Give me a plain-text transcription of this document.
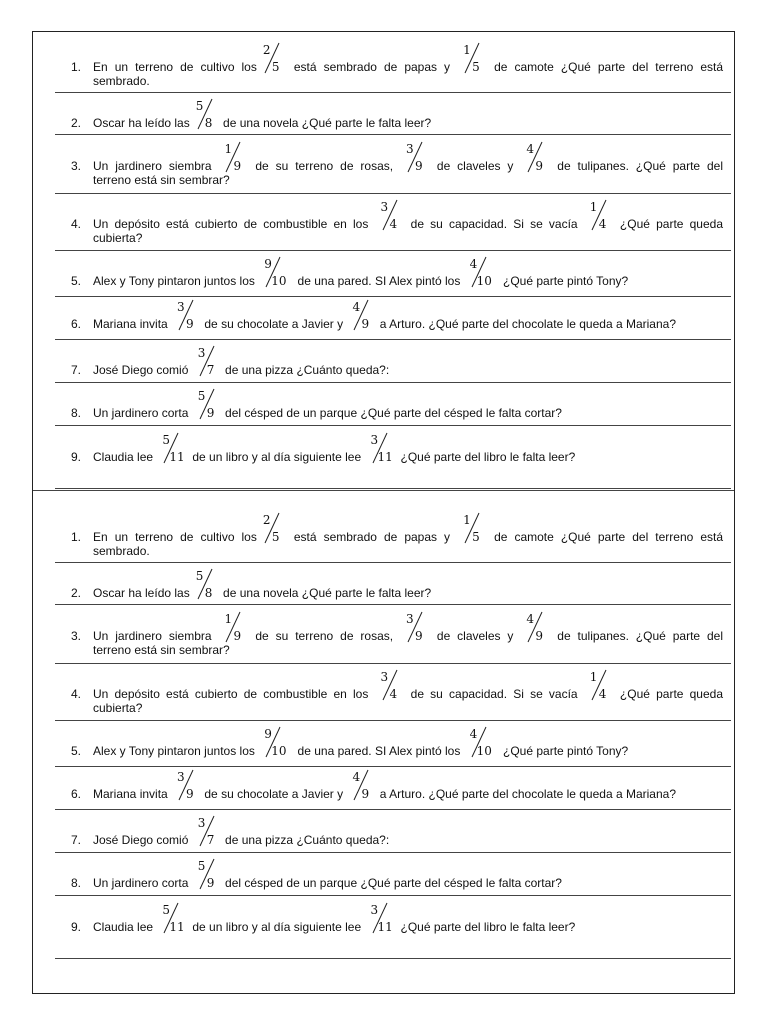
1. En un terreno de cultivo los
2
5 está sembrado de papas y
1
5 de camote ¿Qué parte del terreno está
sembrado.
2. Oscar ha leído las
5
8 de una novela ¿Qué parte le falta leer?
3. Un jardinero siembra
1
9 de su terreno de rosas,
3
9 de claveles y
4
9 de tulipanes. ¿Qué parte del
terreno está sin sembrar?
4. Un depósito está cubierto de combustible en los
3
4 de su capacidad. Si se vacía
1
4 ¿Qué parte queda
cubierta?
5. Alex y Tony pintaron juntos los
9
10 de una pared. SI Alex pintó los
4
10 ¿Qué parte pintó Tony?
6. Mariana invita
3
9 de su chocolate a Javier y
4
9 a Arturo. ¿Qué parte del chocolate le queda a Mariana?
7. José Diego comió
3
7 de una pizza ¿Cuánto queda?:
8. Un jardinero corta
5
9 del césped de un parque ¿Qué parte del césped le falta cortar?
9. Claudia lee
5
11 de un libro y al día siguiente lee
3
11 ¿Qué parte del libro le falta leer?
1. En un terreno de cultivo los
2
5 está sembrado de papas y
1
5 de camote ¿Qué parte del terreno está
sembrado.
2. Oscar ha leído las
5
8 de una novela ¿Qué parte le falta leer?
3. Un jardinero siembra
1
9 de su terreno de rosas,
3
9 de claveles y
4
9 de tulipanes. ¿Qué parte del
terreno está sin sembrar?
4. Un depósito está cubierto de combustible en los
3
4 de su capacidad. Si se vacía
1
4 ¿Qué parte queda
cubierta?
5. Alex y Tony pintaron juntos los
9
10 de una pared. SI Alex pintó los
4
10 ¿Qué parte pintó Tony?
6. Mariana invita
3
9 de su chocolate a Javier y
4
9 a Arturo. ¿Qué parte del chocolate le queda a Mariana?
7. José Diego comió
3
7 de una pizza ¿Cuánto queda?:
8. Un jardinero corta
5
9 del césped de un parque ¿Qué parte del césped le falta cortar?
9. Claudia lee
5
11 de un libro y al día siguiente lee
3
11 ¿Qué parte del libro le falta leer?
